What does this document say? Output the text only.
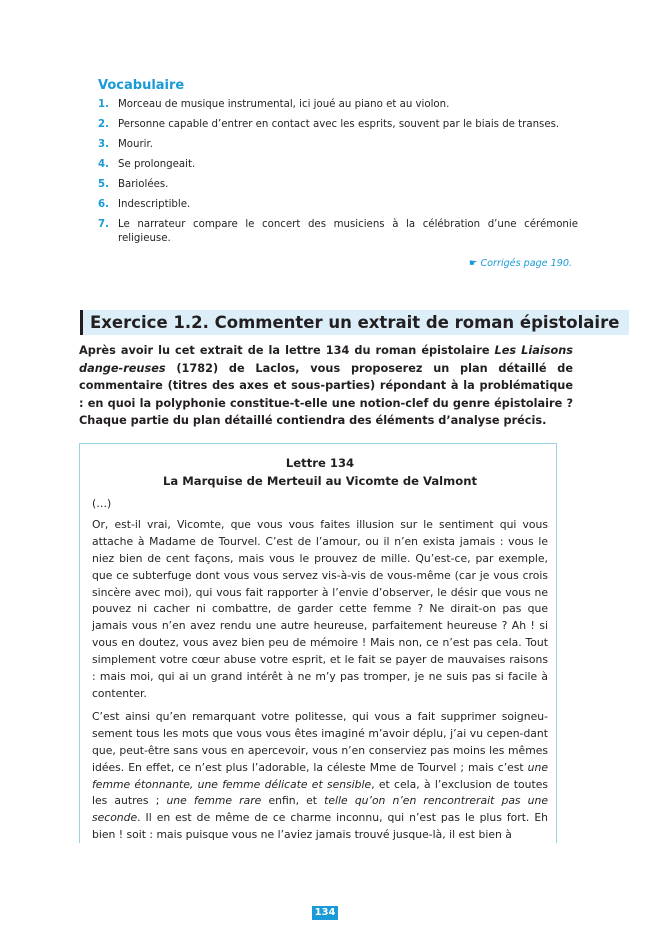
Vocabulaire
1. Morceau de musique instrumental, ici joué au piano et au violon.
2. Personne capable d’entrer en contact avec les esprits, souvent par le biais de transes.
3. Mourir.
4. Se prolongeait.
5. Bariolées.
6. Indescriptible.
7. Le narrateur compare le concert des musiciens à la célébration d’une cérémonie religieuse.
☛ Corrigés page 190.
Exercice 1.2. Commenter un extrait de roman épistolaire

Après avoir lu cet extrait de la lettre 134 du roman épistolaire Les Liaisons dange-reuses (1782) de Laclos, vous proposerez un plan détaillé de commentaire (titres des axes et sous-parties) répondant à la problématique : en quoi la polyphonie constitue-t-elle une notion-clef du genre épistolaire ? Chaque partie du plan détaillé contiendra des éléments d’analyse précis.

Lettre 134

La Marquise de Merteuil au Vicomte de Valmont

(…)

Or, est-il vrai, Vicomte, que vous vous faites illusion sur le sentiment qui vous attache à Madame de Tourvel. C’est de l’amour, ou il n’en exista jamais : vous le niez bien de cent façons, mais vous le prouvez de mille. Qu’est-ce, par exemple, que ce subterfuge dont vous vous servez vis-à-vis de vous-même (car je vous crois sincère avec moi), qui vous fait rapporter à l’envie d’observer, le désir que vous ne pouvez ni cacher ni combattre, de garder cette femme ? Ne dirait-on pas que jamais vous n’en avez rendu une autre heureuse, parfaitement heureuse ? Ah ! si vous en doutez, vous avez bien peu de mémoire ! Mais non, ce n’est pas cela. Tout simplement votre cœur abuse votre esprit, et le fait se payer de mauvaises raisons : mais moi, qui ai un grand intérêt à ne m’y pas tromper, je ne suis pas si facile à contenter.

C’est ainsi qu’en remarquant votre politesse, qui vous a fait supprimer soigneu-sement tous les mots que vous vous êtes imaginé m’avoir déplu, j’ai vu cepen-dant que, peut-être sans vous en apercevoir, vous n’en conserviez pas moins les mêmes idées. En effet, ce n’est plus l’adorable, la céleste Mme de Tourvel ; mais c’est une femme étonnante, une femme délicate et sensible, et cela, à l’exclusion de toutes les autres ; une femme rare enfin, et telle qu’on n’en rencontrerait pas une seconde. Il en est de même de ce charme inconnu, qui n’est pas le plus fort. Eh bien ! soit : mais puisque vous ne l’aviez jamais trouvé jusque-là, il est bien à

134
